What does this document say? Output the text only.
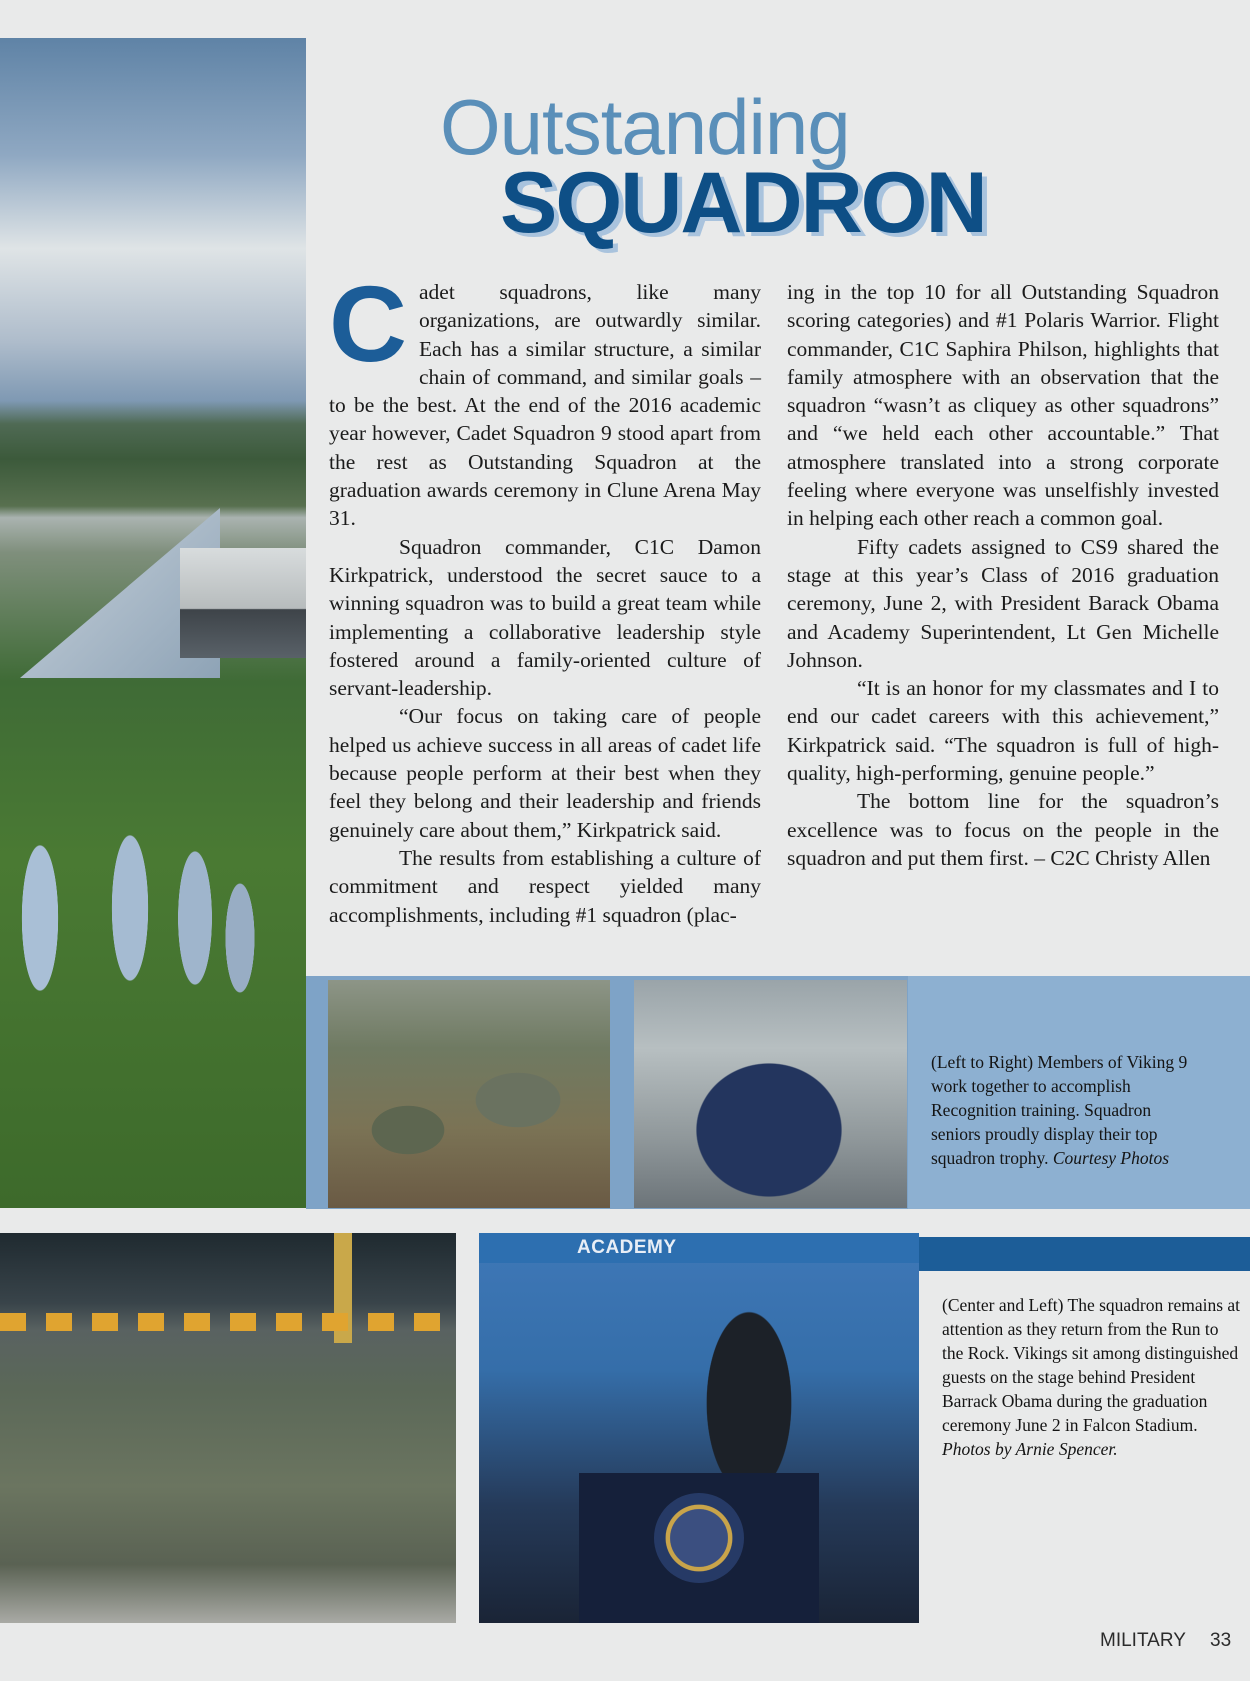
ACADEMY
Outstanding
SQUADRON

Cadet squadrons, like many organizations, are outwardly similar. Each has a similar structure, a similar chain of command, and similar goals – to be the best. At the end of the 2016 academic year however, Cadet Squadron 9 stood apart from the rest as Outstanding Squadron at the graduation awards ceremony in Clune Arena May 31.

Squadron commander, C1C Damon Kirkpatrick, understood the secret sauce to a winning squadron was to build a great team while implementing a collaborative leadership style fostered around a family-oriented culture of servant-leadership.

“Our focus on taking care of people helped us achieve success in all areas of cadet life because people perform at their best when they feel they belong and their leadership and friends genuinely care about them,” Kirkpatrick said.

The results from establishing a culture of commitment and respect yielded many accomplishments, including #1 squadron (plac-

ing in the top 10 for all Outstanding Squadron scoring categories) and #1 Polaris Warrior. Flight commander, C1C Saphira Philson, highlights that family atmosphere with an observation that the squadron “wasn’t as cliquey as other squadrons” and “we held each other accountable.” That atmosphere translated into a strong corporate feeling where everyone was unselfishly invested in helping each other reach a common goal.

Fifty cadets assigned to CS9 shared the stage at this year’s Class of 2016 graduation ceremony, June 2, with President Barack Obama and Academy Superintendent, Lt Gen Michelle Johnson.

“It is an honor for my classmates and I to end our cadet careers with this achievement,” Kirkpatrick said. “The squadron is full of high-quality, high-performing, genuine people.”

The bottom line for the squadron’s excellence was to focus on the people in the squadron and put them first. – C2C Christy Allen

(Left to Right) Members of Viking 9 work together to accomplish Recognition training. Squadron seniors proudly display their top squadron trophy. Courtesy Photos
(Center and Left) The squadron remains at attention as they return from the Run to the Rock. Vikings sit among distinguished guests on the stage behind President Barrack Obama during the graduation ceremony June 2 in Falcon Stadium. Photos by Arnie Spencer.
MILITARY 33
